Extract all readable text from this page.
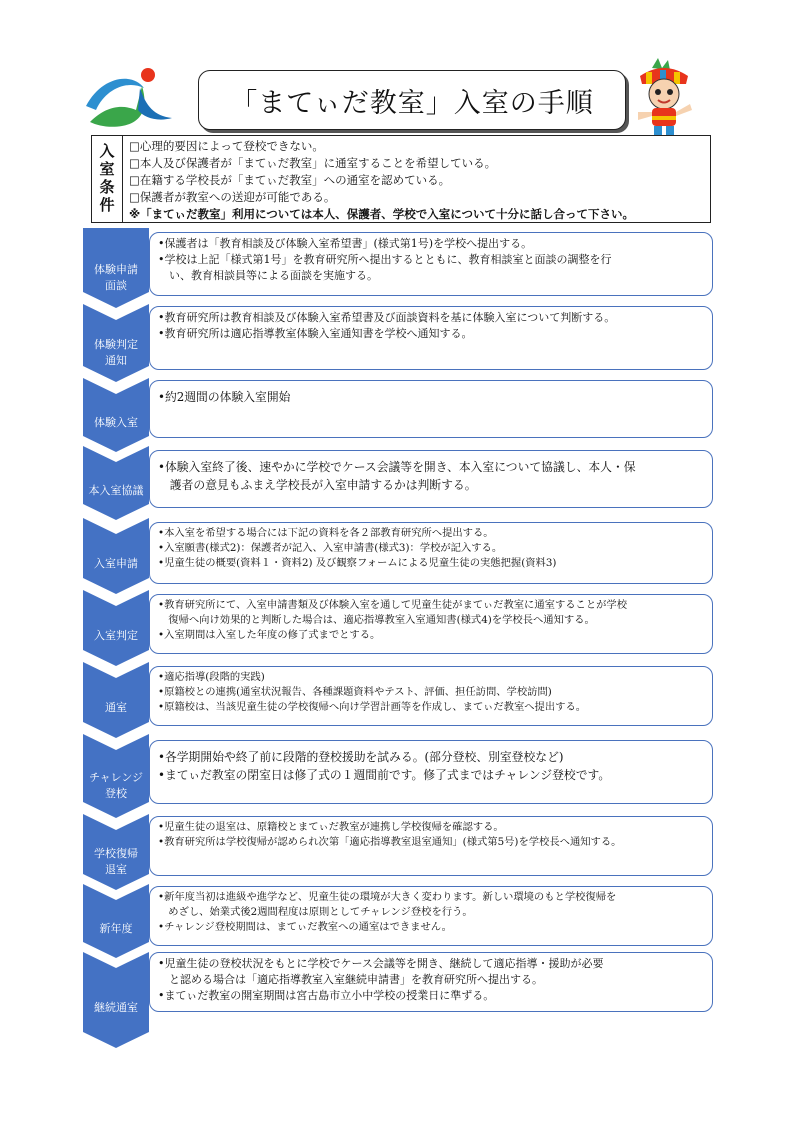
「まてぃだ教室」入室の手順
入室条件	□心理的要因によって登校できない。
□本人及び保護者が「まてぃだ教室」に通室することを希望している。
□在籍する学校長が「まてぃだ教室」への通室を認めている。
□保護者が教室への送迎が可能である。
※「まてぃだ教室」利用については本人、保護者、学校で入室について十分に話し合って下さい。
体験申請
面談
•保護者は「教育相談及び体験入室希望書」(様式第1号)を学校へ提出する。
•学校は上記「様式第1号」を教育研究所へ提出するとともに、教育相談室と面談の調整を行
　い、教育相談員等による面談を実施する。
体験判定
通知
•教育研究所は教育相談及び体験入室希望書及び面談資料を基に体験入室について判断する。
•教育研究所は適応指導教室体験入室通知書を学校へ通知する。
体験入室
•約2週間の体験入室開始
本入室協議
•体験入室終了後、速やかに学校でケース会議等を開き、本入室について協議し、本人・保
　護者の意見もふまえ学校長が入室申請するかは判断する。
入室申請
•本入室を希望する場合には下記の資料を各２部教育研究所へ提出する。
•入室願書(様式2)：保護者が記入、入室申請書(様式3)：学校が記入する。
•児童生徒の概要(資料１・資料2) 及び観察フォームによる児童生徒の実態把握(資料3)
入室判定
•教育研究所にて、入室申請書類及び体験入室を通して児童生徒がまてぃだ教室に通室することが学校
　復帰へ向け効果的と判断した場合は、適応指導教室入室通知書(様式4)を学校長へ通知する。
•入室期間は入室した年度の修了式までとする。
通室
•適応指導(段階的実践)
•原籍校との連携(通室状況報告、各種課題資料やテスト、評価、担任訪問、学校訪問)
•原籍校は、当該児童生徒の学校復帰へ向け学習計画等を作成し、まてぃだ教室へ提出する。
チャレンジ
登校
•各学期開始や終了前に段階的登校援助を試みる。(部分登校、別室登校など)
•まてぃだ教室の閉室日は修了式の１週間前です。修了式まではチャレンジ登校です。
学校復帰
退室
•児童生徒の退室は、原籍校とまてぃだ教室が連携し学校復帰を確認する。
•教育研究所は学校復帰が認められ次第「適応指導教室退室通知」(様式第5号)を学校長へ通知する。
新年度
•新年度当初は進級や進学など、児童生徒の環境が大きく変わります。新しい環境のもと学校復帰を
　めざし、始業式後2週間程度は原則としてチャレンジ登校を行う。
•チャレンジ登校期間は、まてぃだ教室への通室はできません。
継続通室
•児童生徒の登校状況をもとに学校でケース会議等を開き、継続して適応指導・援助が必要
　と認める場合は「適応指導教室入室継続申請書」を教育研究所へ提出する。
•まてぃだ教室の開室期間は宮古島市立小中学校の授業日に準ずる。
